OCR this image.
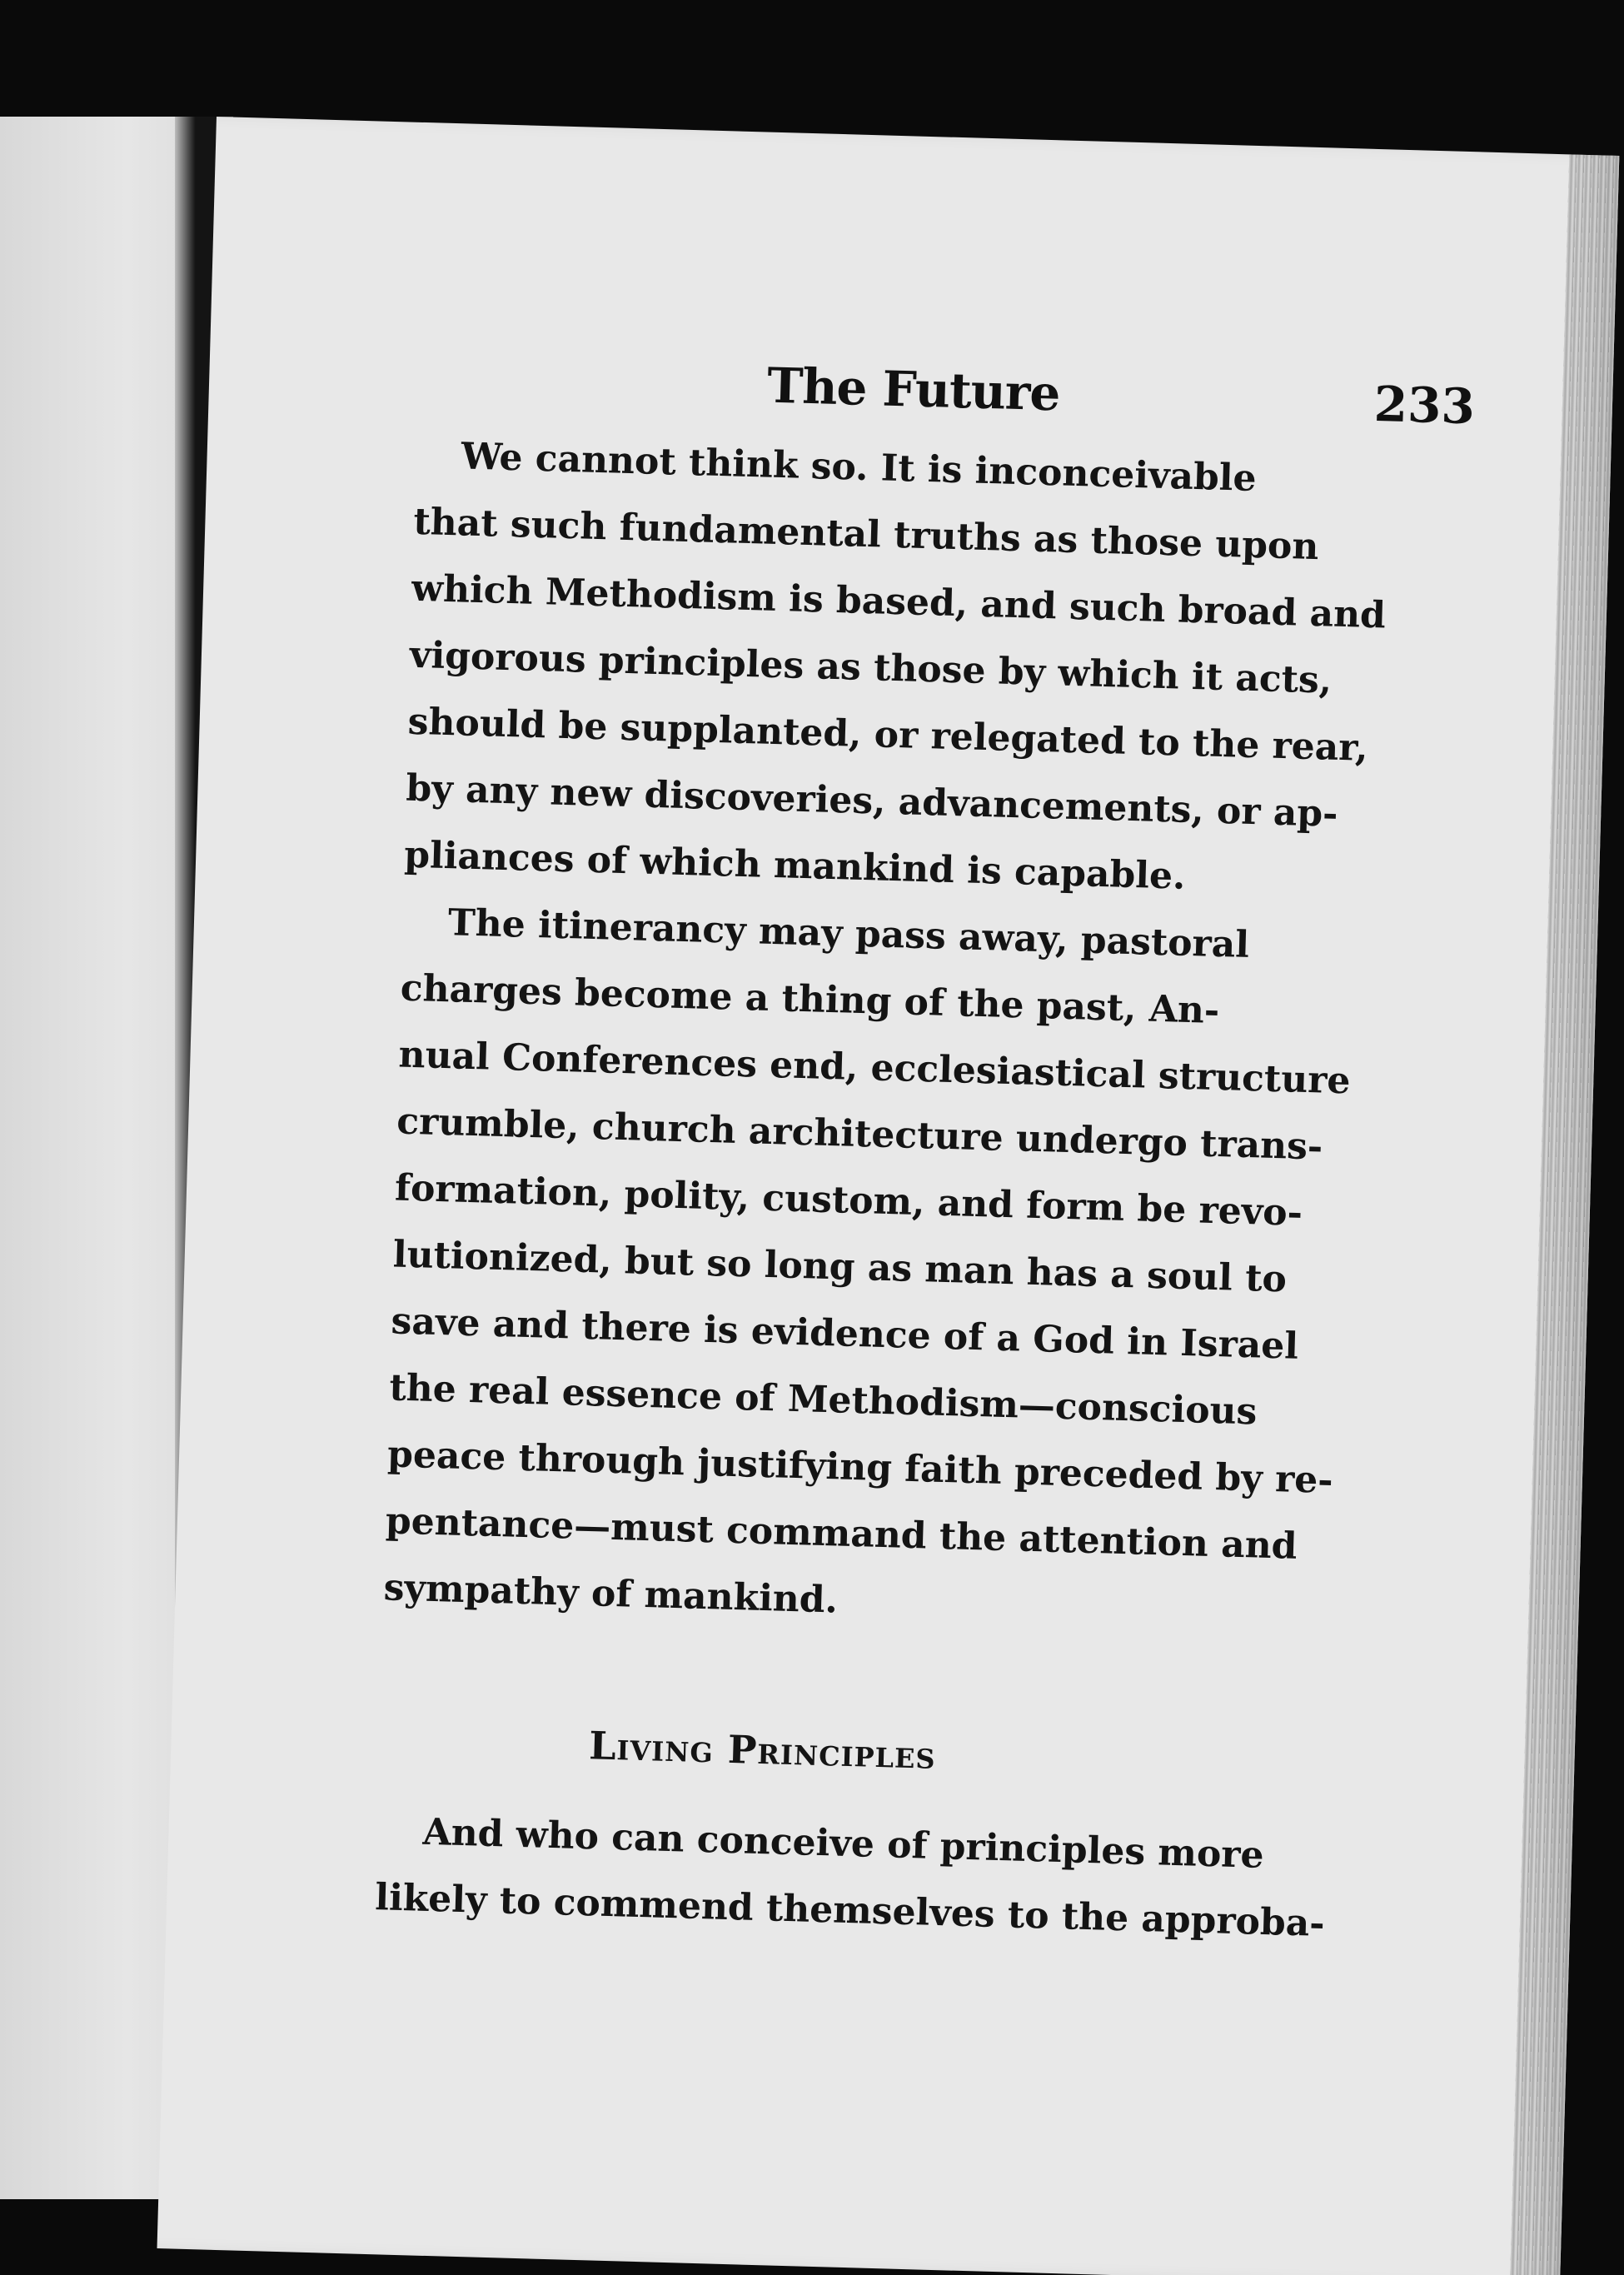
The Future	233
We cannot think so. It is inconceivable
that such fundamental truths as those upon
which Methodism is based, and such broad and
vigorous principles as those by which it acts,
should be supplanted, or relegated to the rear,
by any new discoveries, advancements, or ap-
pliances of which mankind is capable.
The itinerancy may pass away, pastoral
charges become a thing of the past, An-
nual Conferences end, ecclesiastical structure
crumble, church architecture undergo trans-
formation, polity, custom, and form be revo-
lutionized, but so long as man has a soul to
save and there is evidence of a God in Israel
the real essence of Methodism—conscious
peace through justifying faith preceded by re-
pentance—must command the attention and
sympathy of mankind.
Living Principles
And who can conceive of principles more
likely to commend themselves to the approba-
